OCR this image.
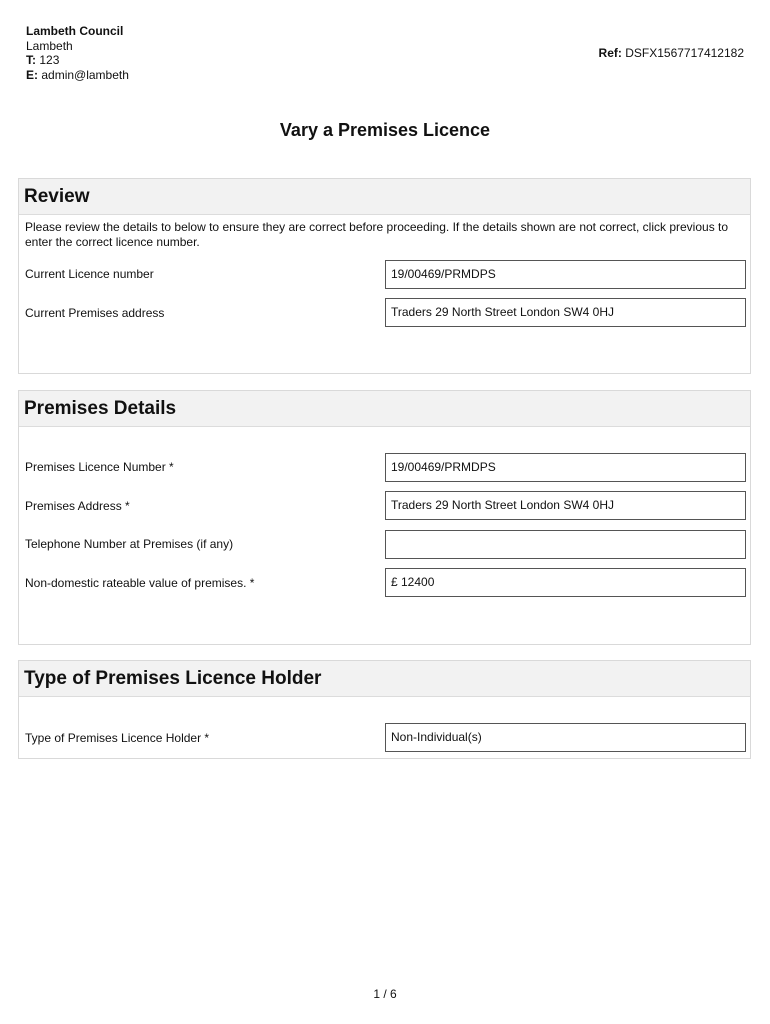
Lambeth Council
Lambeth
T: 123
E: admin@lambeth
Ref: DSFX1567717412182
Vary a Premises Licence
Review
Please review the details to below to ensure they are correct before proceeding. If the details shown are not correct, click previous to enter the correct licence number.
Current Licence number	19/00469/PRMDPS
Current Premises address	Traders 29 North Street London SW4 0HJ
Premises Details
Premises Licence Number *	19/00469/PRMDPS
Premises Address *	Traders 29 North Street London SW4 0HJ
Telephone Number at Premises (if any)
Non-domestic rateable value of premises. *	£ 12400
Type of Premises Licence Holder
Type of Premises Licence Holder *	Non-Individual(s)
1 / 6
